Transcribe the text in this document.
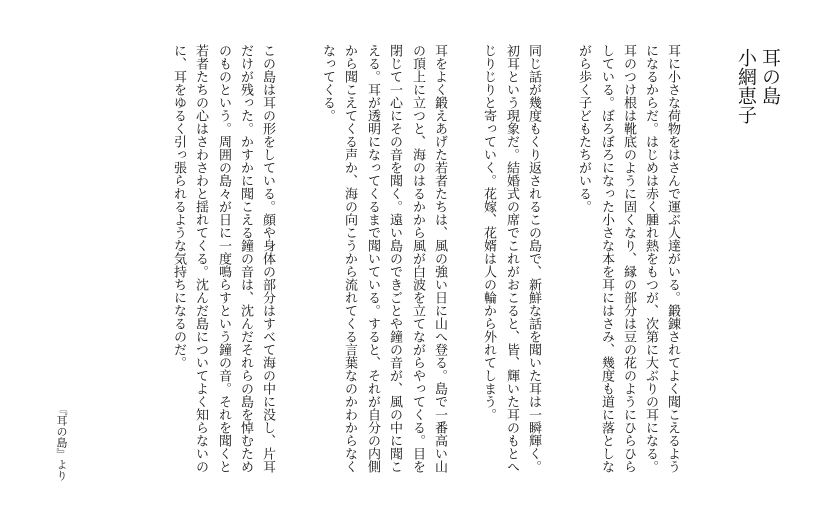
耳の島
小網恵子
耳に小さな荷物をはさんで運ぶ人達がいる。鍛錬されてよく聞こえるよう
になるからだ。はじめは赤く腫れ熱をもつが、次第に大ぶりの耳になる。
耳のつけ根は靴底のように固くなり、縁の部分は豆の花のようにひらひら
している。ぼろぼろになった小さな本を耳にはさみ、幾度も道に落としな
がら歩く子どもたちがいる。
同じ話が幾度もくり返されるこの島で、新鮮な話を聞いた耳は一瞬輝く。
初耳という現象だ。結婚式の席でこれがおこると、皆、輝いた耳のもとへ
じりじりと寄っていく。花嫁、花婿は人の輪から外れてしまう。
耳をよく鍛えあげた若者たちは、風の強い日に山へ登る。島で一番高い山
の頂上に立つと、海のはるかから風が白波を立てながらやってくる。目を
閉じて一心にその音を聞く。遠い島のできごとや鐘の音が、風の中に聞こ
える。耳が透明になってくるまで聞いている。すると、それが自分の内側
から聞こえてくる声か、海の向こうから流れてくる言葉なのかわからなく
なってくる。
この島は耳の形をしている。顔や身体の部分はすべて海の中に没し、片耳
だけが残った。かすかに聞こえる鐘の音は、沈んだそれらの島を悼むため
のものという。周囲の島々が日に一度鳴らすという鐘の音。それを聞くと
若者たちの心はさわさわと揺れてくる。沈んだ島についてよく知らないの
に、耳をゆるく引っ張られるような気持ちになるのだ。
『耳の島』より
